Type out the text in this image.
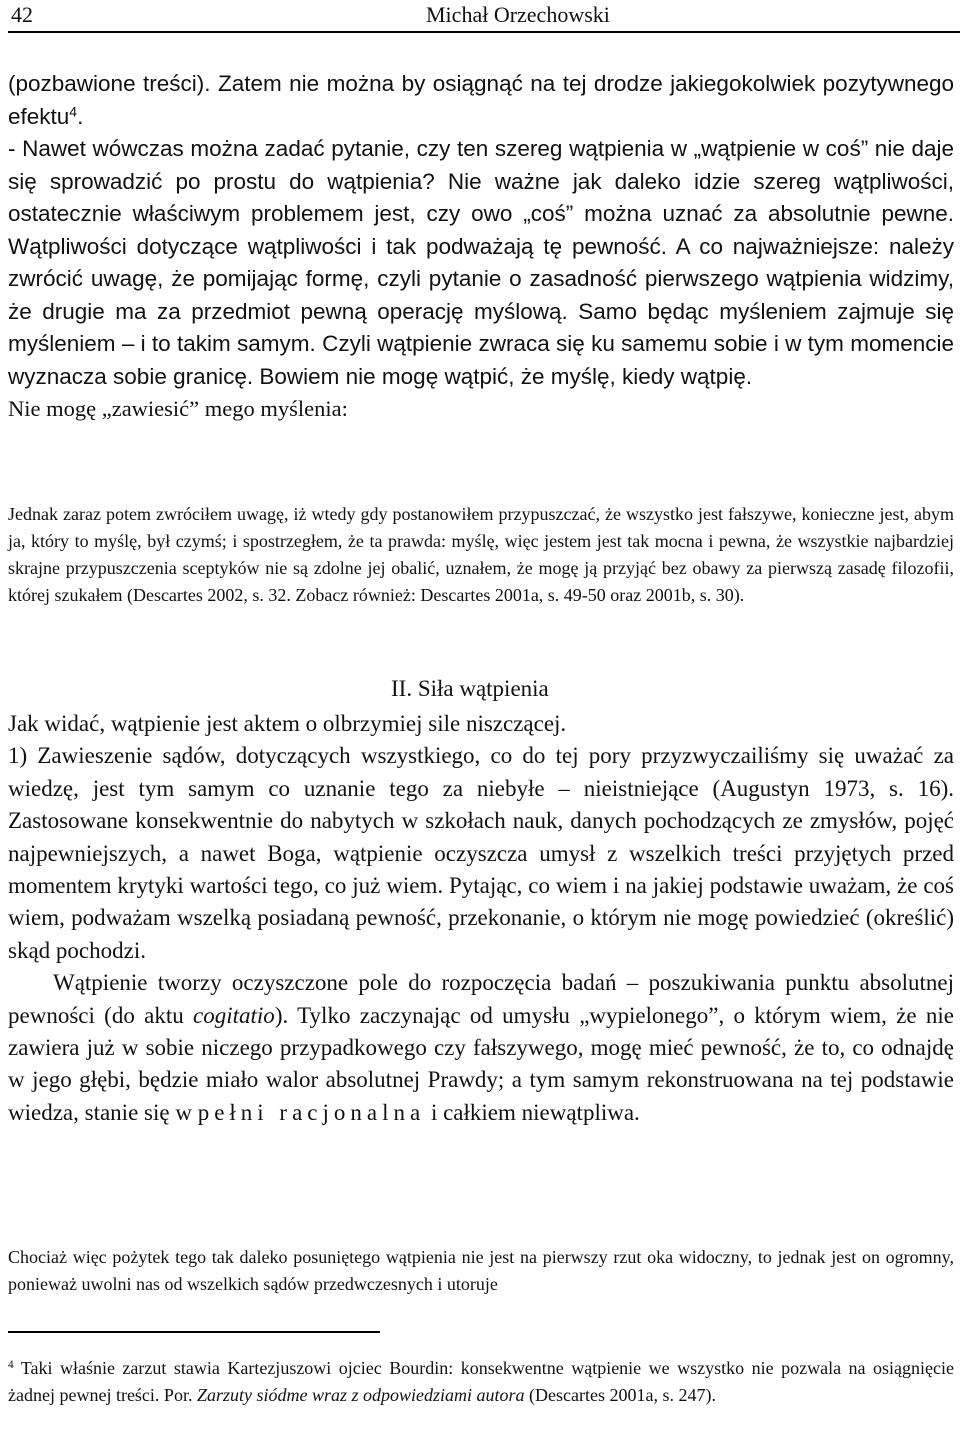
42	Michał Orzechowski

(pozbawione treści). Zatem nie można by osiągnąć na tej drodze jakiegokolwiek pozytywnego efektu$^4$.

- Nawet wówczas można zadać pytanie, czy ten szereg wątpienia w „wątpienie w coś” nie daje się sprowadzić po prostu do wątpienia? Nie ważne jak daleko idzie szereg wątpliwości, ostatecznie właściwym problemem jest, czy owo „coś” można uznać za absolutnie pewne. Wątpliwości dotyczące wątpliwości i tak podważają tę pewność. A co najważniejsze: należy zwrócić uwagę, że pomijając formę, czyli pytanie o zasadność pierwszego wątpienia widzimy, że drugie ma za przedmiot pewną operację myślową. Samo będąc myśleniem zajmuje się myśleniem – i to takim samym. Czyli wątpienie zwraca się ku samemu sobie i w tym momencie wyznacza sobie granicę. Bowiem nie mogę wątpić, że myślę, kiedy wątpię.

Nie mogę „zawiesić” mego myślenia:

Jednak zaraz potem zwróciłem uwagę, iż wtedy gdy postanowiłem przypuszczać, że wszystko jest fałszywe, konieczne jest, abym ja, który to myślę, był czymś; i spostrzegłem, że ta prawda: myślę, więc jestem jest tak mocna i pewna, że wszystkie najbardziej skrajne przypuszczenia sceptyków nie są zdolne jej obalić, uznałem, że mogę ją przyjąć bez obawy za pierwszą zasadę filozofii, której szukałem (Descartes 2002, s. 32. Zobacz również: Descartes 2001a, s. 49-50 oraz 2001b, s. 30).

II. Siła wątpienia

Jak widać, wątpienie jest aktem o olbrzymiej sile niszczącej.

1) Zawieszenie sądów, dotyczących wszystkiego, co do tej pory przyzwyczailiśmy się uważać za wiedzę, jest tym samym co uznanie tego za niebyłe – nieistniejące (Augustyn 1973, s. 16). Zastosowane konsekwentnie do nabytych w szkołach nauk, danych pochodzących ze zmysłów, pojęć najpewniejszych, a nawet Boga, wątpienie oczyszcza umysł z wszelkich treści przyjętych przed momentem krytyki wartości tego, co już wiem. Pytając, co wiem i na jakiej podstawie uważam, że coś wiem, podważam wszelką posiadaną pewność, przekonanie, o którym nie mogę powiedzieć (określić) skąd pochodzi.

Wątpienie tworzy oczyszczone pole do rozpoczęcia badań – poszukiwania punktu absolutnej pewności (do aktu cogitatio). Tylko zaczynając od umysłu „wypielonego”, o którym wiem, że nie zawiera już w sobie niczego przypadkowego czy fałszywego, mogę mieć pewność, że to, co odnajdę w jego głębi, będzie miało walor absolutnej Prawdy; a tym samym rekonstruowana na tej podstawie wiedza, stanie się w pełni racjonalna i całkiem niewątpliwa.

Chociaż więc pożytek tego tak daleko posuniętego wątpienia nie jest na pierwszy rzut oka widoczny, to jednak jest on ogromny, ponieważ uwolni nas od wszelkich sądów przedwczesnych i utoruje

$^4$ Taki właśnie zarzut stawia Kartezjuszowi ojciec Bourdin: konsekwentne wątpienie we wszystko nie pozwala na osiągnięcie żadnej pewnej treści. Por. Zarzuty siódme wraz z odpowiedziami autora (Descartes 2001a, s. 247).
